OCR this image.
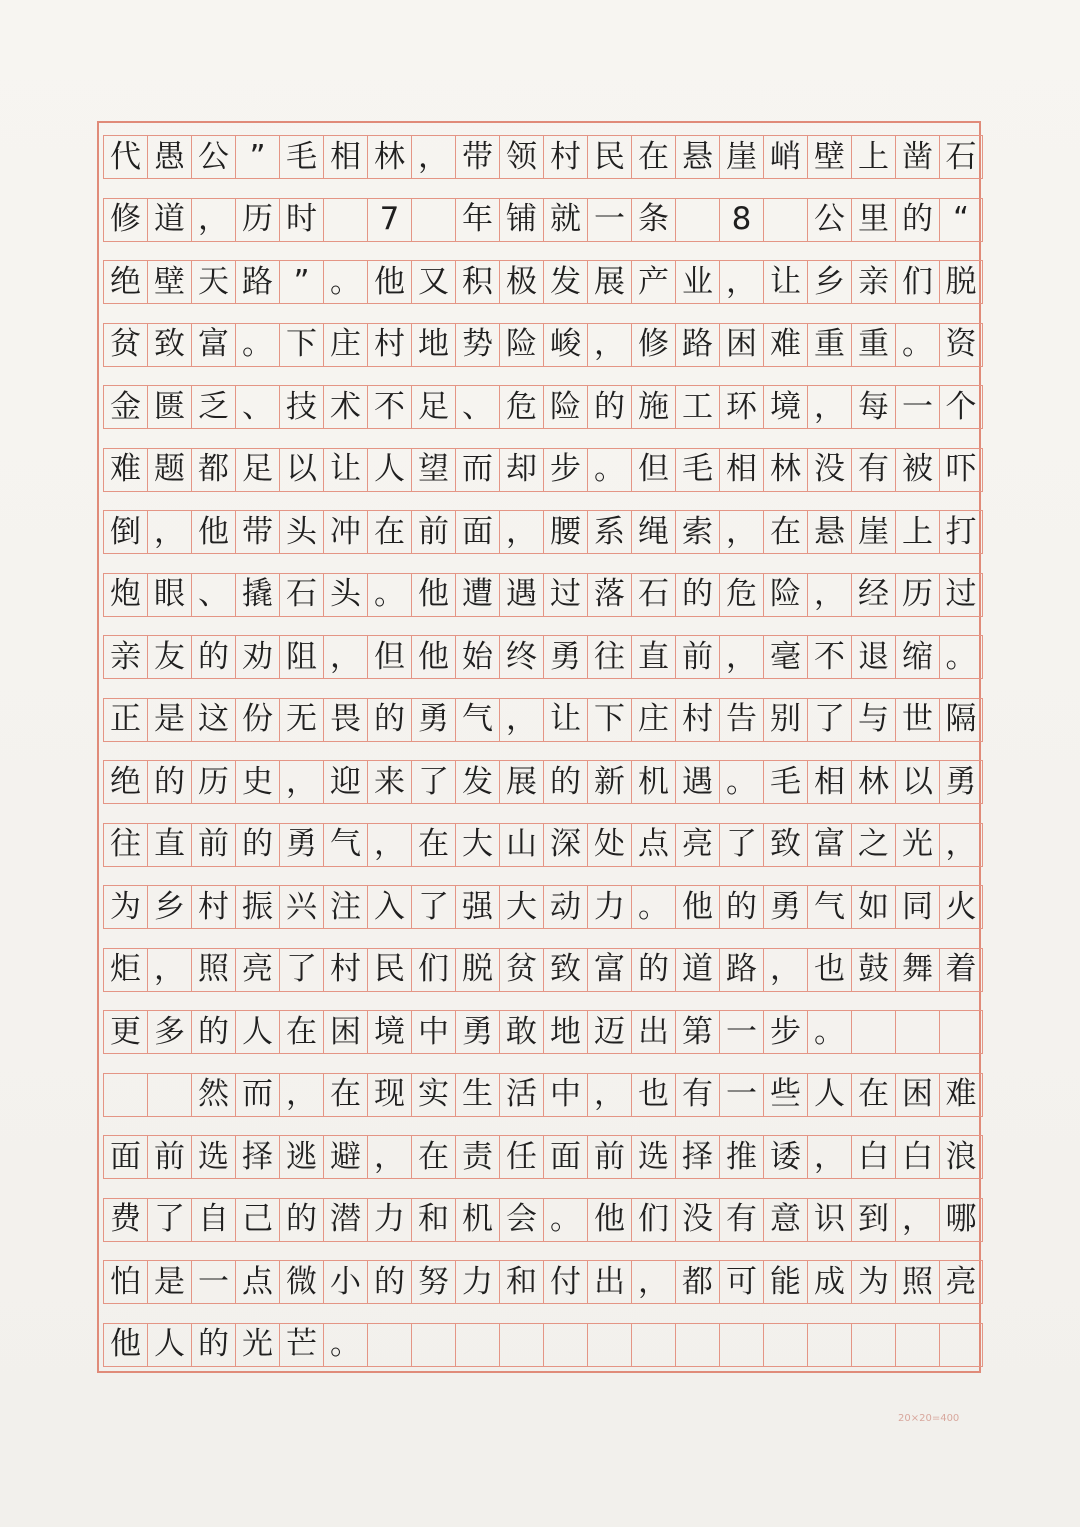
代 愚 公 ” 毛 相 林 ， 带 领 村 民 在 悬 崖 峭 壁 上 凿 石
修 道 ， 历 时	7	年 铺 就 一 条	8	公 里 的 “
绝 壁 天 路 ” 。 他 又 积 极 发 展 产 业 ， 让 乡 亲 们 脱
贫 致 富 。 下 庄 村 地 势 险 峻 ， 修 路 困 难 重 重 。 资
金 匮 乏 、 技 术 不 足 、 危 险 的 施 工 环 境 ， 每 一 个
难 题 都 足 以 让 人 望 而 却 步 。 但 毛 相 林 没 有 被 吓
倒 ， 他 带 头 冲 在 前 面 ， 腰 系 绳 索 ， 在 悬 崖 上 打
炮 眼 、 撬 石 头 。 他 遭 遇 过 落 石 的 危 险 ， 经 历 过
亲 友 的 劝 阻 ， 但 他 始 终 勇 往 直 前 ， 毫 不 退 缩 。
正 是 这 份 无 畏 的 勇 气 ， 让 下 庄 村 告 别 了 与 世 隔
绝 的 历 史 ， 迎 来 了 发 展 的 新 机 遇 。 毛 相 林 以 勇
往 直 前 的 勇 气 ， 在 大 山 深 处 点 亮 了 致 富 之 光 ，
为 乡 村 振 兴 注 入 了 强 大 动 力 。 他 的 勇 气 如 同 火
炬 ， 照 亮 了 村 民 们 脱 贫 致 富 的 道 路 ， 也 鼓 舞 着
更 多 的 人 在 困 境 中 勇 敢 地 迈 出 第 一 步 。
然 而 ， 在 现 实 生 活 中 ， 也 有 一 些 人 在 困 难
面 前 选 择 逃 避 ， 在 责 任 面 前 选 择 推 诿 ， 白 白 浪
费 了 自 己 的 潜 力 和 机 会 。 他 们 没 有 意 识 到 ， 哪
怕 是 一 点 微 小 的 努 力 和 付 出 ， 都 可 能 成 为 照 亮
他 人 的 光 芒 。
20×20=400
